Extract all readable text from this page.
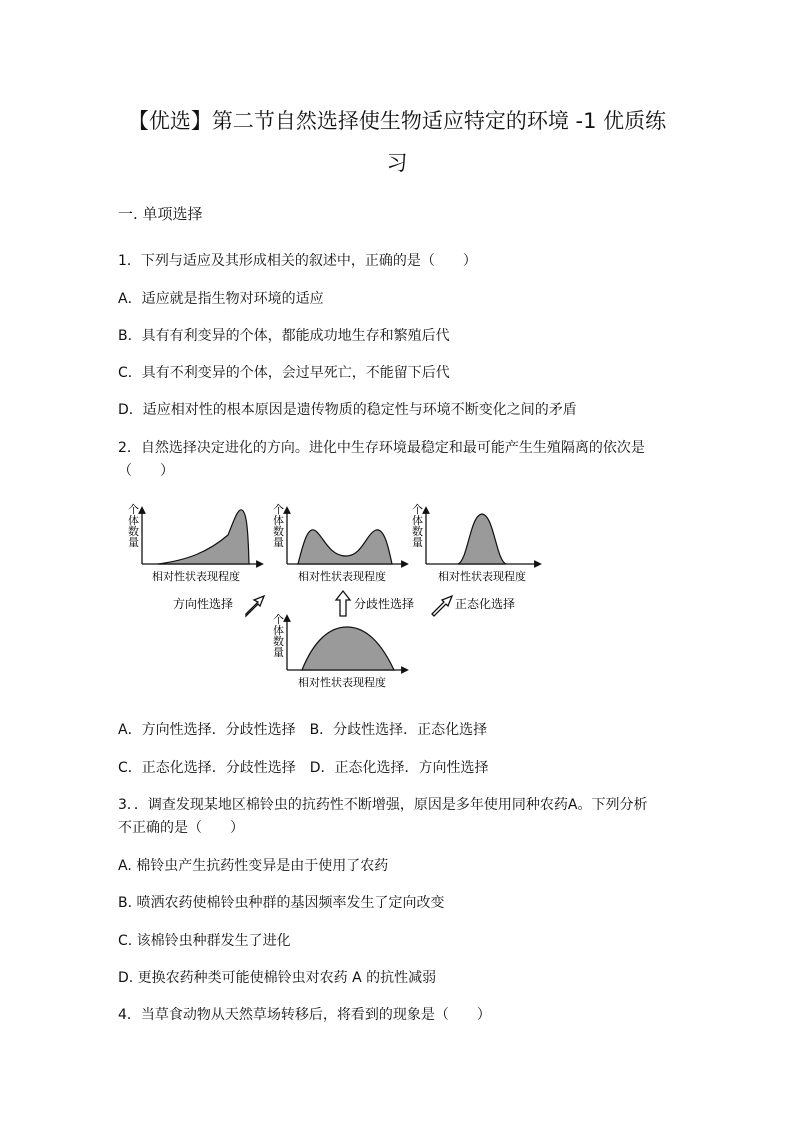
【优选】第二节自然选择使生物适应特定的环境 -1 优质练
习
一. 单项选择
1．下列与适应及其形成相关的叙述中，正确的是（　　）
A．适应就是指生物对环境的适应
B．具有有利变异的个体，都能成功地生存和繁殖后代
C．具有不利变异的个体，会过早死亡，不能留下后代
D．适应相对性的根本原因是遗传物质的稳定性与环境不断变化之间的矛盾
2．自然选择决定进化的方向。进化中生存环境最稳定和最可能产生生殖隔离的依次是
（　　）
个
体
数
量
相对性状表现程度
个
体
数
量
相对性状表现程度
个
体
数
量
相对性状表现程度
方向性选择	分歧性选择	正态化选择
个
体
数
量
相对性状表现程度
A．方向性选择．分歧性选择　B．分歧性选择．正态化选择
C．正态化选择．分歧性选择　D．正态化选择．方向性选择
3．．调查发现某地区棉铃虫的抗药性不断增强，原因是多年使用同种农药A。下列分析
不正确的是（　　）
A. 棉铃虫产生抗药性变异是由于使用了农药
B. 喷洒农药使棉铃虫种群的基因频率发生了定向改变
C. 该棉铃虫种群发生了进化
D. 更换农药种类可能使棉铃虫对农药 A 的抗性减弱
4．当草食动物从天然草场转移后，将看到的现象是（　　）
